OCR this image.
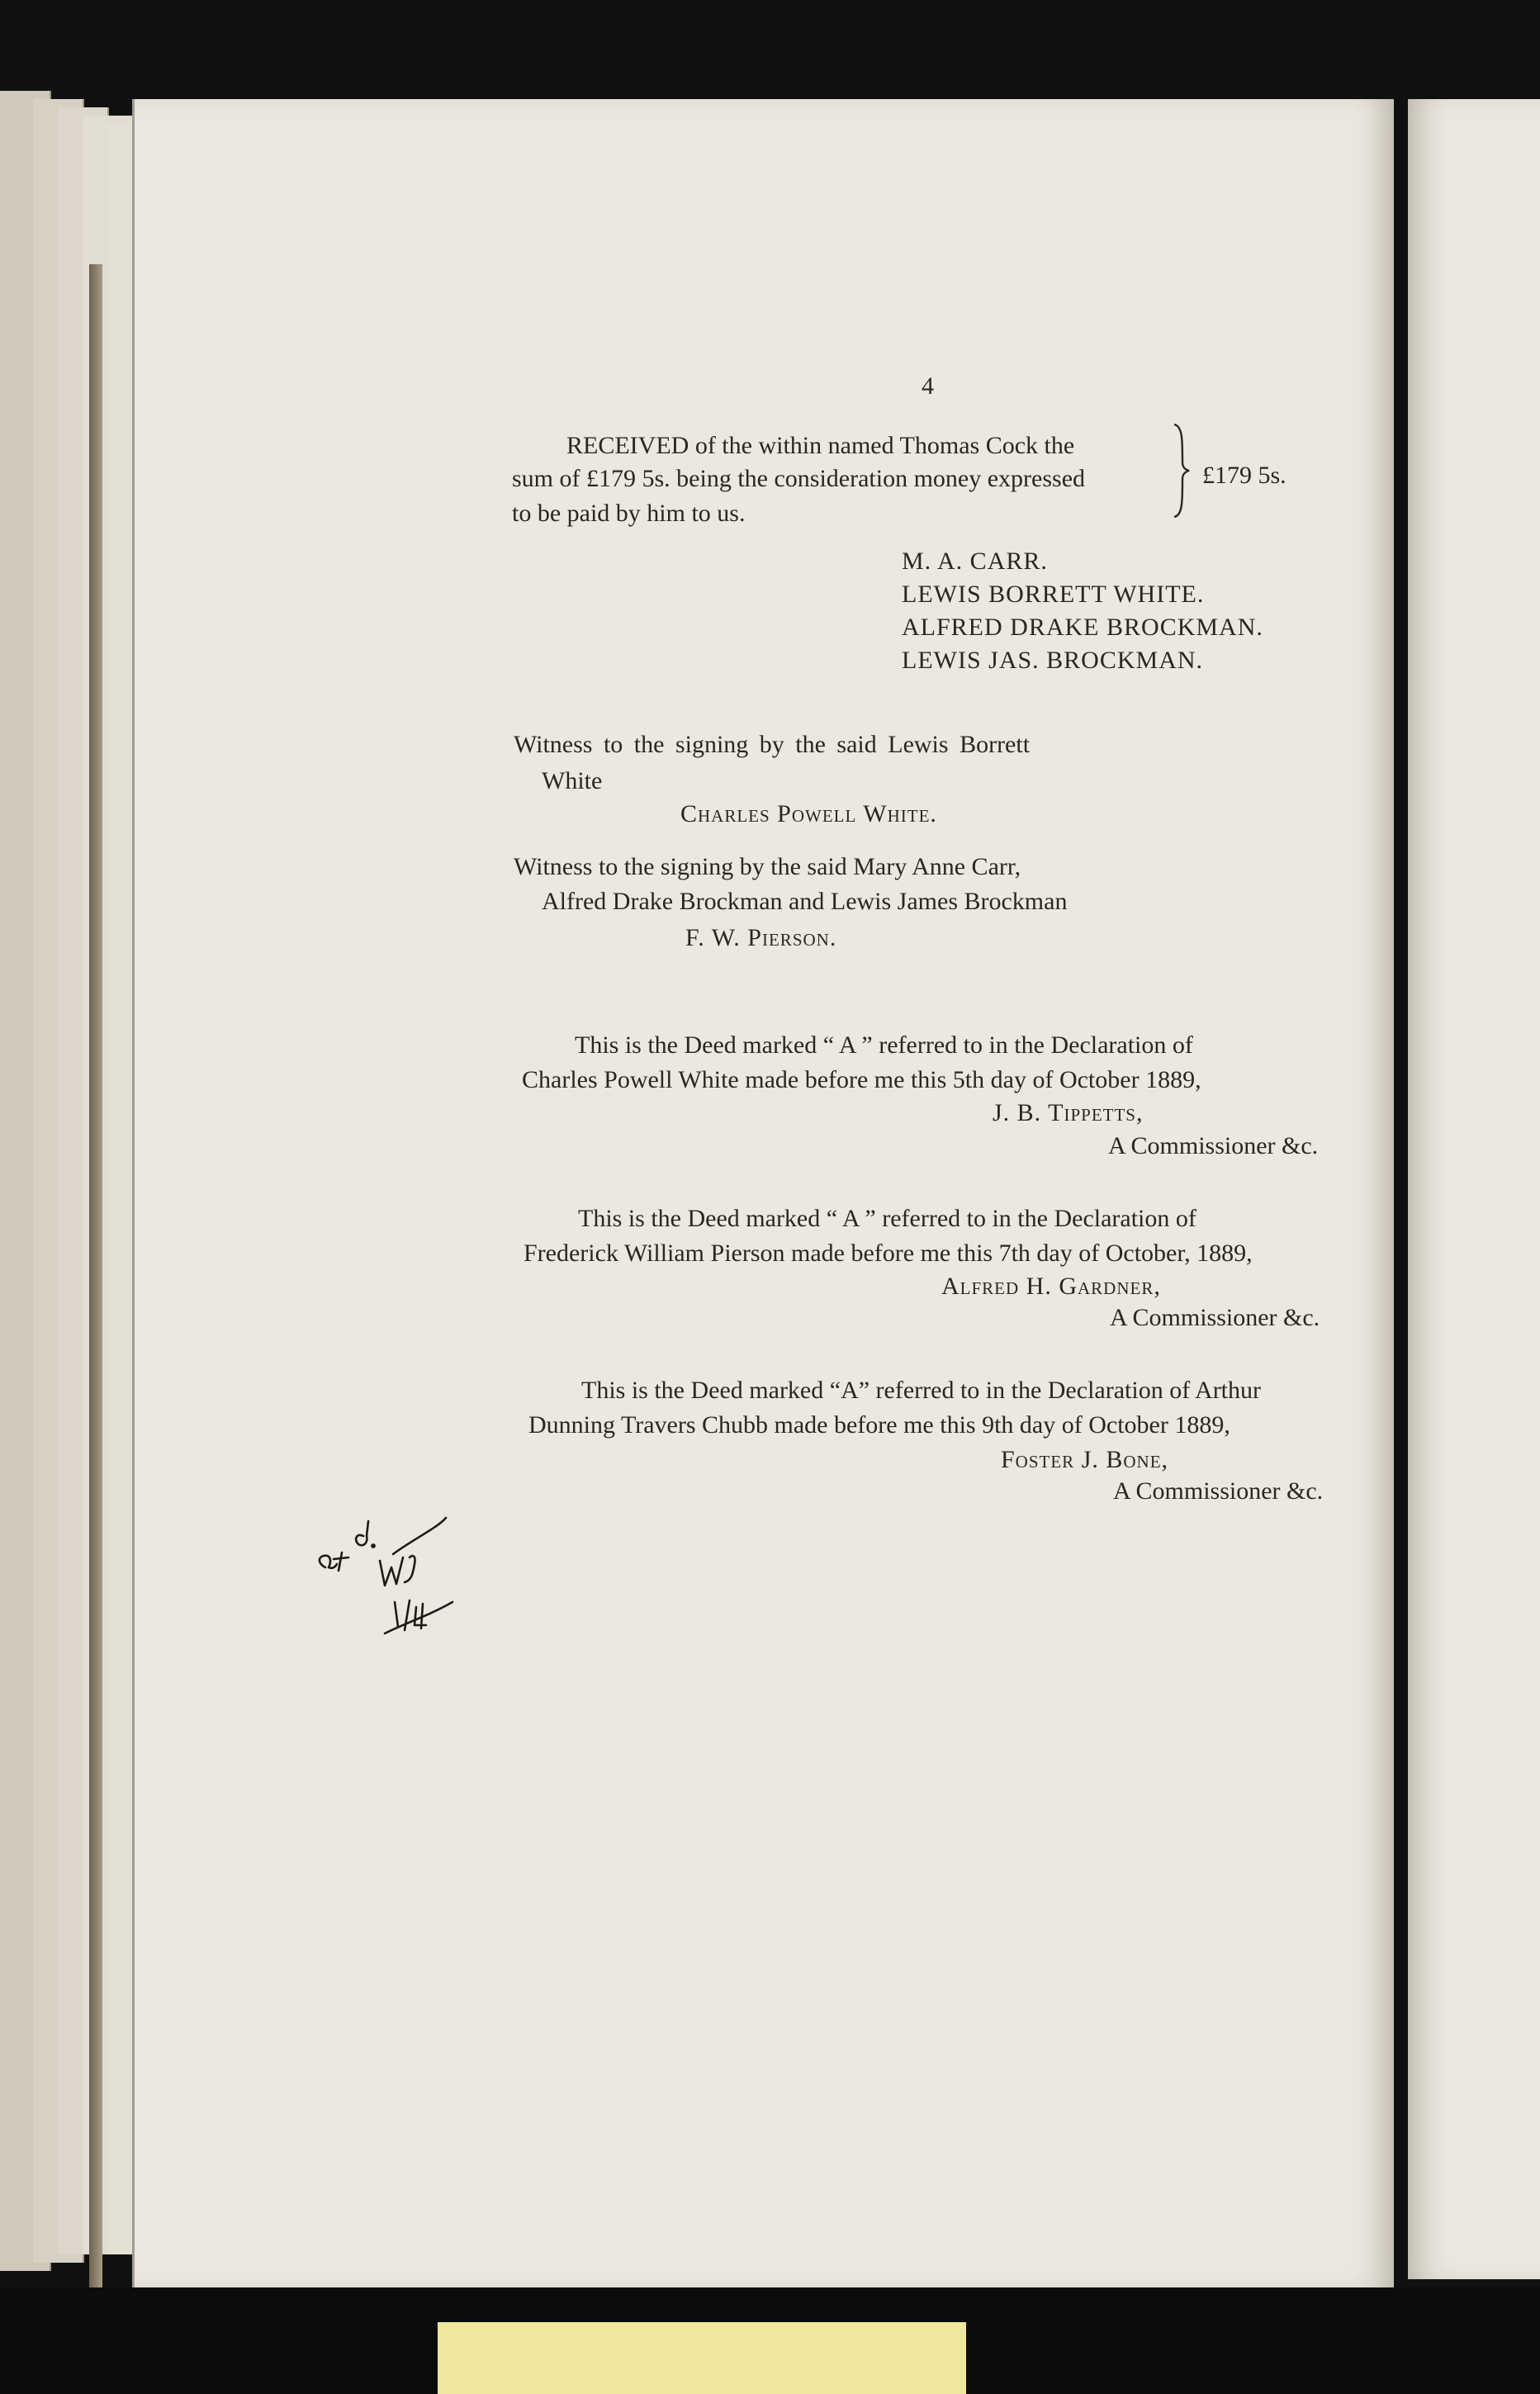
4
RECEIVED of the within named Thomas Cock the
sum of £179 5s. being the consideration money expressed
to be paid by him to us.
£179 5s.
M. A. CARR.
LEWIS BORRETT WHITE.
ALFRED DRAKE BROCKMAN.
LEWIS JAS. BROCKMAN.
Witness to the signing by the said Lewis Borrett
White
Charles Powell White.
Witness to the signing by the said Mary Anne Carr,
Alfred Drake Brockman and Lewis James Brockman
F. W. Pierson.
This is the Deed marked “ A ” referred to in the Declaration of
Charles Powell White made before me this 5th day of October 1889,
J. B. Tippetts,
A Commissioner &c.
This is the Deed marked “ A ” referred to in the Declaration of
Frederick William Pierson made before me this 7th day of October, 1889,
Alfred H. Gardner,
A Commissioner &c.
This is the Deed marked “A” referred to in the Declaration of Arthur
Dunning Travers Chubb made before me this 9th day of October 1889,
Foster J. Bone,
A Commissioner &c.
